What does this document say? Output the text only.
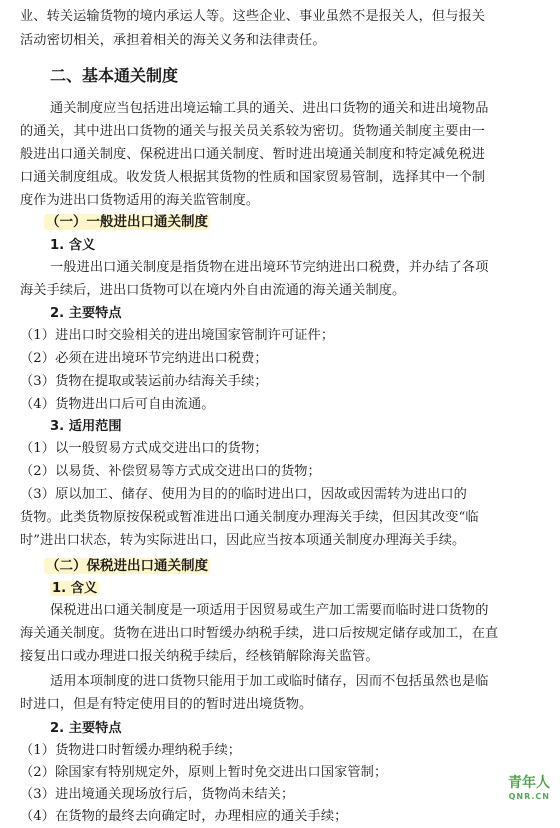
业、转关运输货物的境内承运人等。这些企业、事业虽然不是报关人，但与报关
活动密切相关，承担着相关的海关义务和法律责任。
二、基本通关制度
通关制度应当包括进出境运输工具的通关、进出口货物的通关和进出境物品
的通关，其中进出口货物的通关与报关员关系较为密切。货物通关制度主要由一
般进出口通关制度、保税进出口通关制度、暂时进出境通关制度和特定减免税进
口通关制度组成。收发货人根据其货物的性质和国家贸易管制，选择其中一个制
度作为进出口货物适用的海关监管制度。
（一）一般进出口通关制度
1. 含义
一般进出口通关制度是指货物在进出境环节完纳进出口税费，并办结了各项
海关手续后，进出口货物可以在境内外自由流通的海关通关制度。
2. 主要特点
（1）进出口时交验相关的进出境国家管制许可证件；
（2）必须在进出境环节完纳进出口税费；
（3）货物在提取或装运前办结海关手续；
（4）货物进出口后可自由流通。
3. 适用范围
（1）以一般贸易方式成交进出口的货物；
（2）以易货、补偿贸易等方式成交进出口的货物；
（3）原以加工、储存、使用为目的的临时进出口，因故或因需转为进出口的
货物。此类货物原按保税或暂准进出口通关制度办理海关手续，但因其改变“临
时”进出口状态，转为实际进出口，因此应当按本项通关制度办理海关手续。
（二）保税进出口通关制度
1. 含义
保税进出口通关制度是一项适用于因贸易或生产加工需要而临时进口货物的
海关通关制度。货物在进出口时暂缓办纳税手续，进口后按规定储存或加工，在直
接复出口或办理进口报关纳税手续后，经核销解除海关监管。
适用本项制度的进口货物只能用于加工或临时储存，因而不包括虽然也是临
时进口，但是有特定使用目的的暂时进出境货物。
2. 主要特点
（1）货物进口时暂缓办理纳税手续；
（2）除国家有特别规定外，原则上暂时免交进出口国家管制；
（3）进出境通关现场放行后，货物尚未结关；
（4）在货物的最终去向确定时，办理相应的通关手续；
青年人
QNR.CN
